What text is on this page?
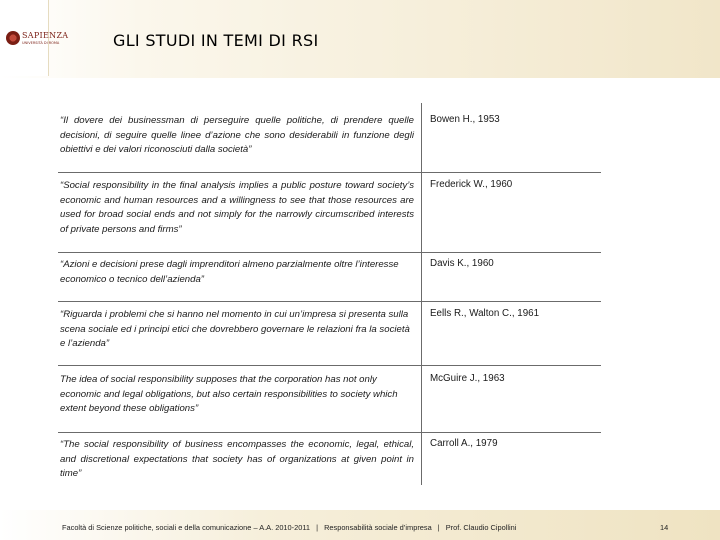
SAPIENZA
UNIVERSITÀ DI ROMA	GLI STUDI IN TEMI DI RSI
“Il dovere dei businessman di perseguire quelle politiche, di prendere quelle decisioni, di seguire quelle linee d’azione che sono desiderabili in funzione degli obiettivi e dei valori riconosciuti dalla società”
Bowen H., 1953
“Social responsibility in the final analysis implies a public posture toward society’s economic and human resources and a willingness to see that those resources are used for broad social ends and not simply for the narrowly circumscribed interests of private persons and firms”
Frederick W., 1960
“Azioni e decisioni prese dagli imprenditori almeno parzialmente oltre l’interesse economico o tecnico dell’azienda”
Davis K., 1960
“Riguarda i problemi che si hanno nel momento in cui un’impresa si presenta sulla scena sociale ed i principi etici che dovrebbero governare le relazioni fra la società e l’azienda”
Eells R., Walton C., 1961
The idea of social responsibility supposes that the corporation has not only economic and legal obligations, but also certain responsibilities to society which extent beyond these obligations”
McGuire J., 1963
“The social responsibility of business encompasses the economic, legal, ethical, and discretional expectations that society has of organizations at given point in time”
Carroll A., 1979
Facoltà di Scienze politiche, sociali e della comunicazione – A.A. 2010-2011 | Responsabilità sociale d’impresa | Prof. Claudio Cipollini	14
